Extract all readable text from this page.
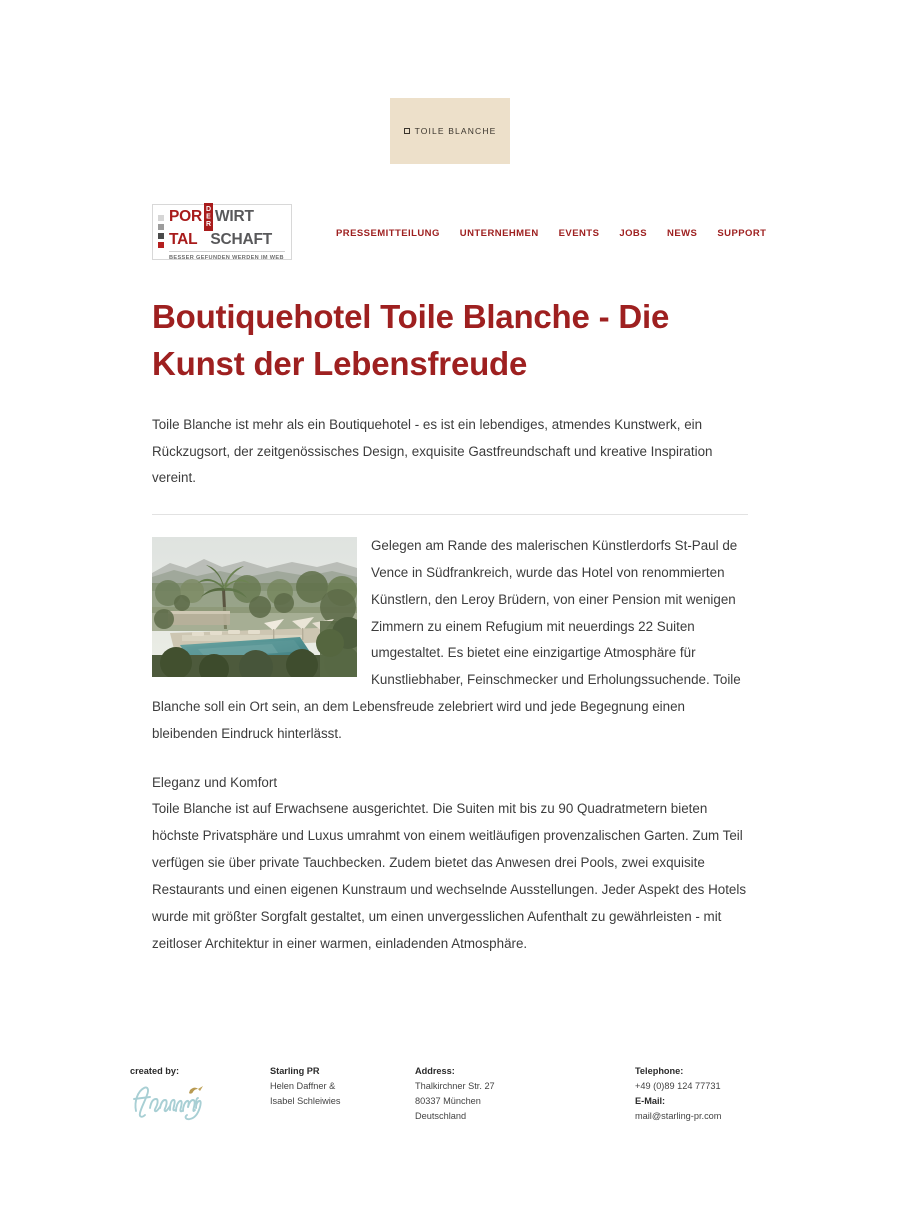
TOILE BLANCHE
POR DER WIRT
TAL SCHAFT
BESSER GEFUNDEN WERDEN IM WEB
PRESSEMITTEILUNG UNTERNEHMEN EVENTS JOBS NEWS SUPPORT
Boutiquehotel Toile Blanche - Die Kunst der Lebensfreude

Toile Blanche ist mehr als ein Boutiquehotel - es ist ein lebendiges, atmendes Kunstwerk, ein Rückzugsort, der zeitgenössisches Design, exquisite Gastfreundschaft und kreative Inspiration vereint.

Gelegen am Rande des malerischen Künstlerdorfs St-Paul de Vence in Südfrankreich, wurde das Hotel von renommierten Künstlern, den Leroy Brüdern, von einer Pension mit wenigen Zimmern zu einem Refugium mit neuerdings 22 Suiten umgestaltet. Es bietet eine einzigartige Atmosphäre für Kunstliebhaber, Feinschmecker und Erholungssuchende. Toile Blanche soll ein Ort sein, an dem Lebensfreude zelebriert wird und jede Begegnung einen bleibenden Eindruck hinterlässt.

Eleganz und Komfort

Toile Blanche ist auf Erwachsene ausgerichtet. Die Suiten mit bis zu 90 Quadratmetern bieten höchste Privatsphäre und Luxus umrahmt von einem weitläufigen provenzalischen Garten. Zum Teil verfügen sie über private Tauchbecken. Zudem bietet das Anwesen drei Pools, zwei exquisite Restaurants und einen eigenen Kunstraum und wechselnde Ausstellungen. Jeder Aspekt des Hotels wurde mit größter Sorgfalt gestaltet, um einen unvergesslichen Aufenthalt zu gewährleisten - mit zeitloser Architektur in einer warmen, einladenden Atmosphäre.

created by:	Starling PR
Helen Daffner &
Isabel Schleiwies
Address:
Thalkirchner Str. 27
80337 München
Deutschland
Telephone:
+49 (0)89 124 77731
E-Mail:
mail@starling-pr.com
